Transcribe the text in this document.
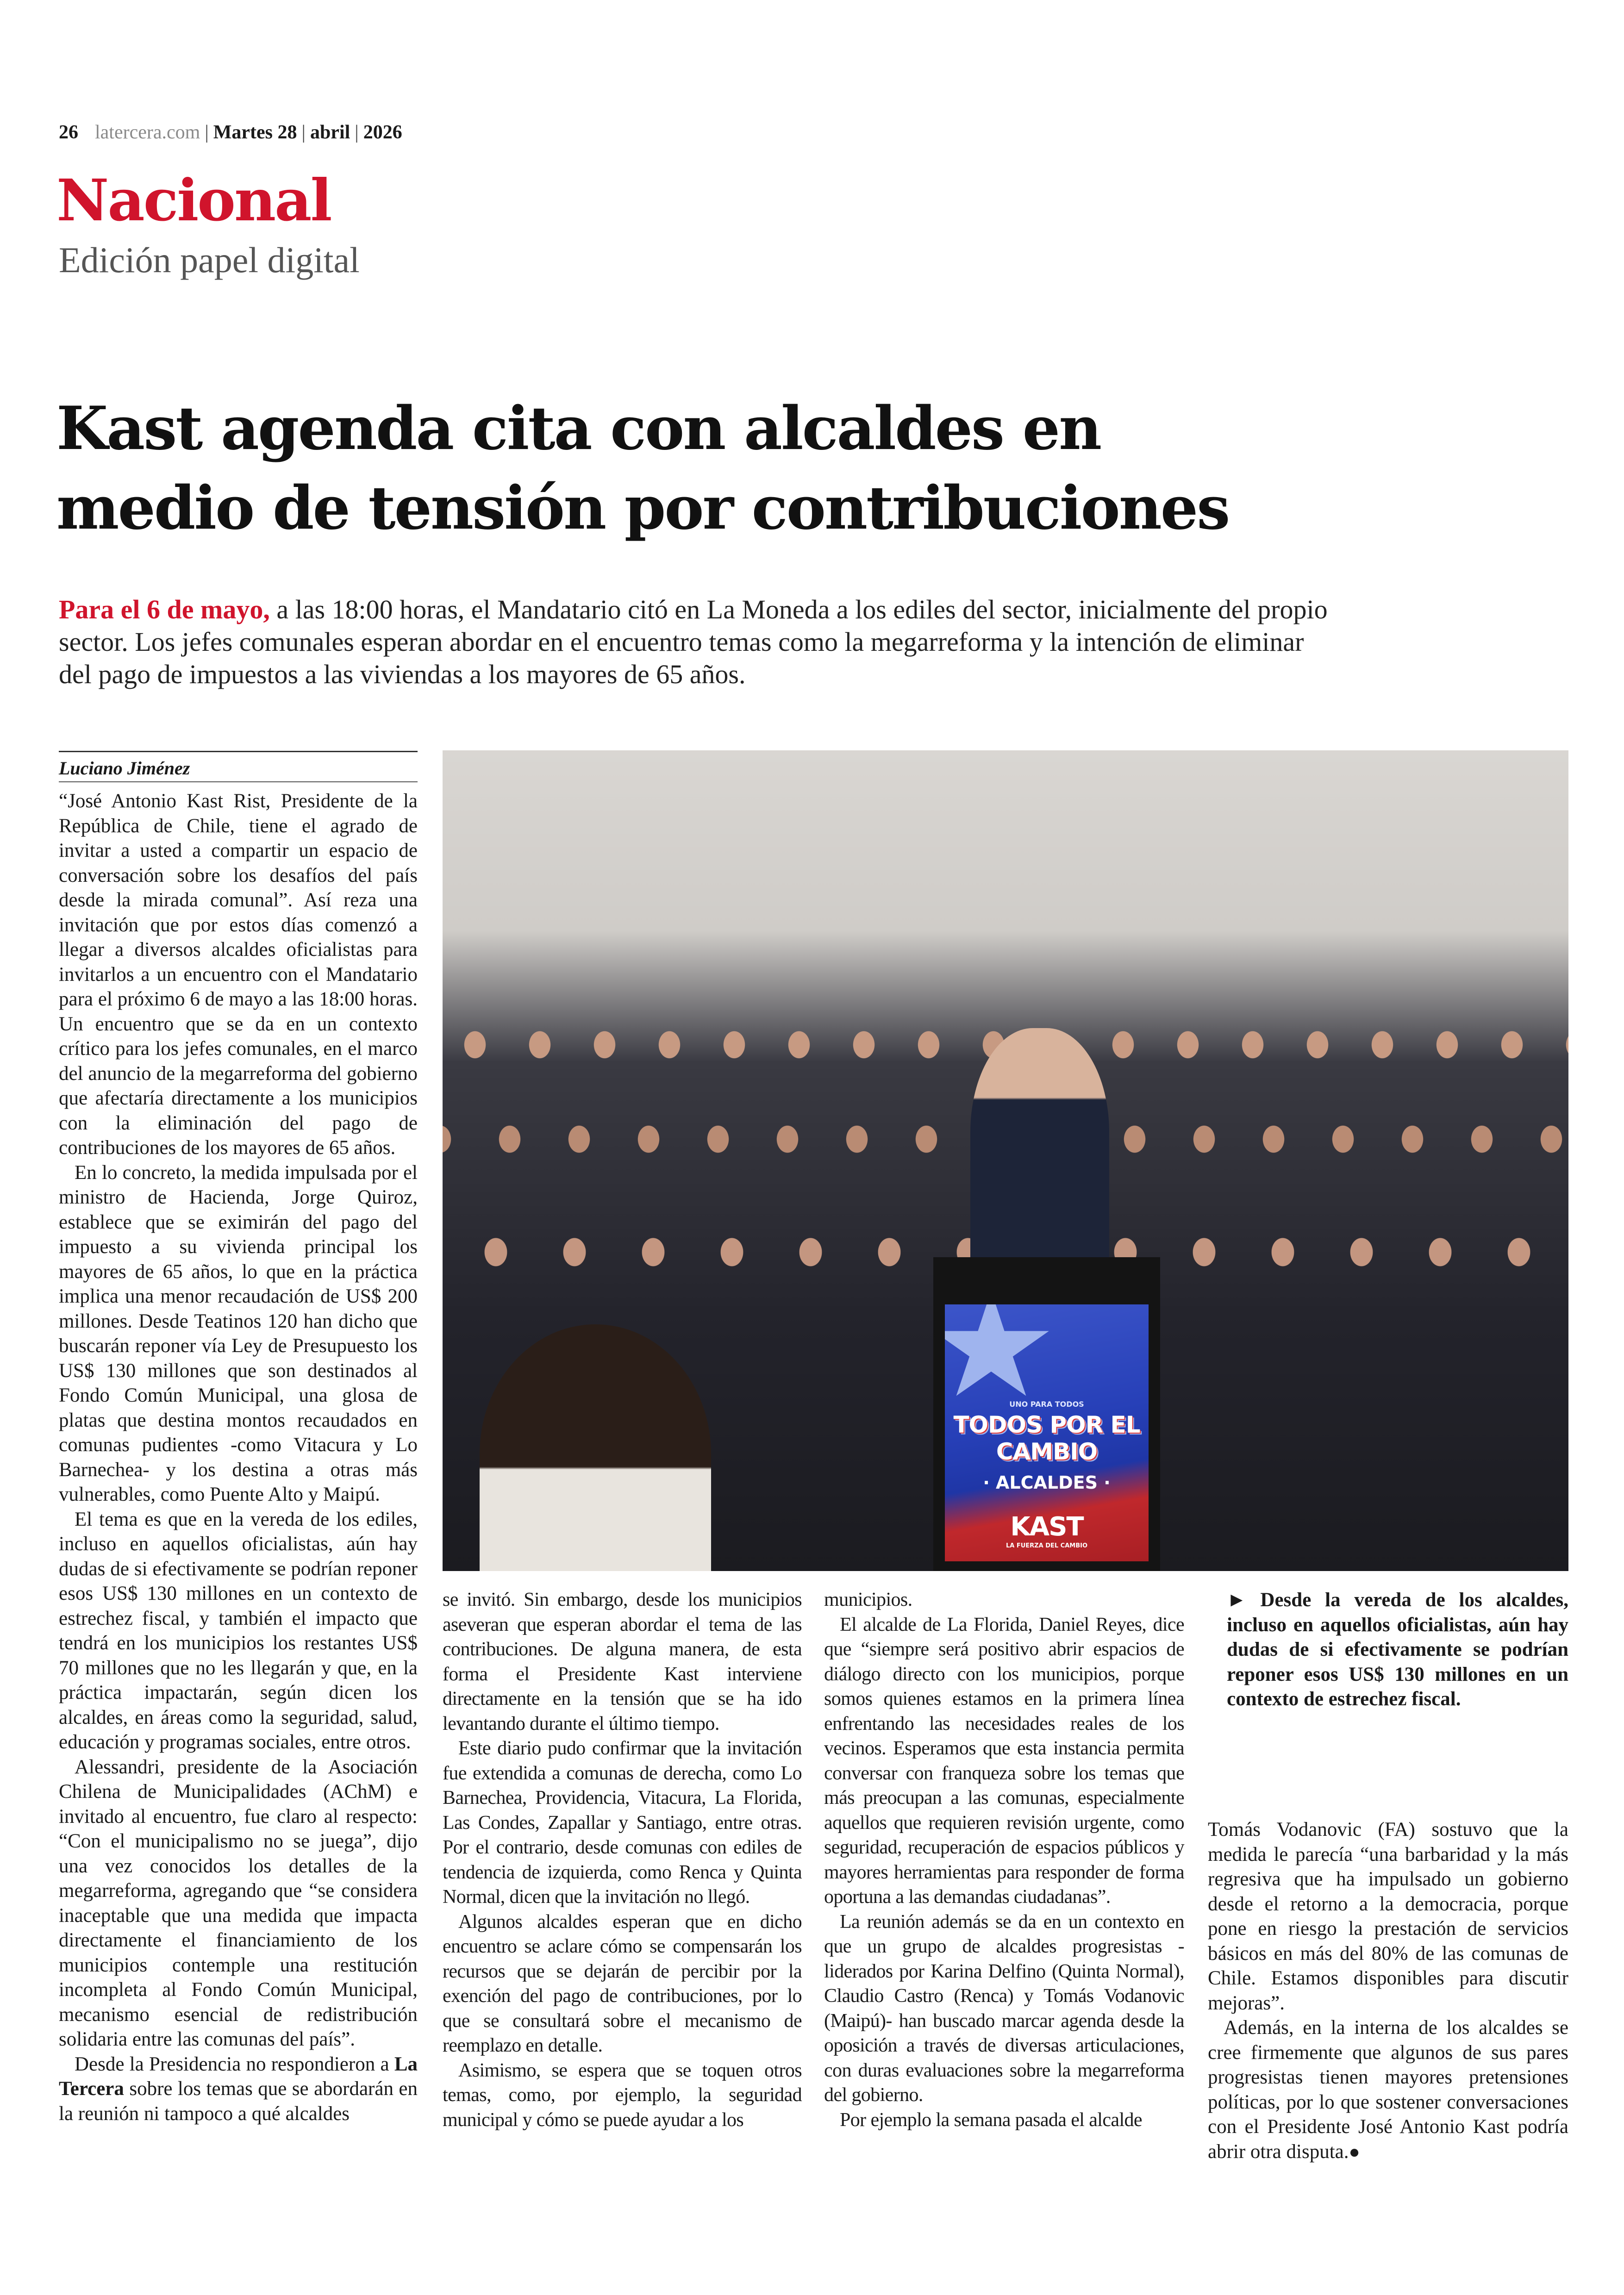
26 latercera.com | Martes 28 | abril | 2026
Nacional
Edición papel digital
Kast agenda cita con alcaldes en
medio de tensión por contribuciones
Para el 6 de mayo, a las 18:00 horas, el Mandatario citó en La Moneda a los ediles del sector, inicialmente del propio sector. Los jefes comunales esperan abordar en el encuentro temas como la megarreforma y la intención de eliminar del pago de impuestos a las viviendas a los mayores de 65 años.
Luciano Jiménez
UNO PARA TODOS
TODOS POR EL CAMBIO
· ALCALDES ·
KAST
LA FUERZA DEL CAMBIO

“José Antonio Kast Rist, Presidente de la República de Chile, tiene el agrado de invitar a usted a compartir un espacio de conversación sobre los desafíos del país desde la mirada comunal”. Así reza una invitación que por estos días comenzó a llegar a diversos alcaldes oficialistas para invitarlos a un encuentro con el Mandatario para el próximo 6 de mayo a las 18:00 horas. Un encuentro que se da en un contexto crítico para los jefes comunales, en el marco del anuncio de la megarreforma del gobierno que afectaría directamente a los municipios con la eliminación del pago de contribuciones de los mayores de 65 años.

En lo concreto, la medida impulsada por el ministro de Hacienda, Jorge Quiroz, establece que se eximirán del pago del impuesto a su vivienda principal los mayores de 65 años, lo que en la práctica implica una menor recaudación de US$ 200 millones. Desde Teatinos 120 han dicho que buscarán reponer vía Ley de Presupuesto los US$ 130 millones que son destinados al Fondo Común Municipal, una glosa de platas que destina montos recaudados en comunas pudientes -como Vitacura y Lo Barnechea- y los destina a otras más vulnerables, como Puente Alto y Maipú.

El tema es que en la vereda de los ediles, incluso en aquellos oficialistas, aún hay dudas de si efectivamente se podrían reponer esos US$ 130 millones en un contexto de estrechez fiscal, y también el impacto que tendrá en los municipios los restantes US$ 70 millones que no les llegarán y que, en la práctica impactarán, según dicen los alcaldes, en áreas como la seguridad, salud, educación y programas sociales, entre otros.

Alessandri, presidente de la Asociación Chilena de Municipalidades (AChM) e invitado al encuentro, fue claro al respecto: “Con el municipalismo no se juega”, dijo una vez conocidos los detalles de la megarreforma, agregando que “se considera inaceptable que una medida que impacta directamente el financiamiento de los municipios contemple una restitución incompleta al Fondo Común Municipal, mecanismo esencial de redistribución solidaria entre las comunas del país”.

Desde la Presidencia no respondieron a La Tercera sobre los temas que se abordarán en la reunión ni tampoco a qué alcaldes

se invitó. Sin embargo, desde los municipios aseveran que esperan abordar el tema de las contribuciones. De alguna manera, de esta forma el Presidente Kast interviene directamente en la tensión que se ha ido levantando durante el último tiempo.

Este diario pudo confirmar que la invitación fue extendida a comunas de derecha, como Lo Barnechea, Providencia, Vitacura, La Florida, Las Condes, Zapallar y Santiago, entre otras. Por el contrario, desde comunas con ediles de tendencia de izquierda, como Renca y Quinta Normal, dicen que la invitación no llegó.

Algunos alcaldes esperan que en dicho encuentro se aclare cómo se compensarán los recursos que se dejarán de percibir por la exención del pago de contribuciones, por lo que se consultará sobre el mecanismo de reemplazo en detalle.

Asimismo, se espera que se toquen otros temas, como, por ejemplo, la seguridad municipal y cómo se puede ayudar a los

municipios.

El alcalde de La Florida, Daniel Reyes, dice que “siempre será positivo abrir espacios de diálogo directo con los municipios, porque somos quienes estamos en la primera línea enfrentando las necesidades reales de los vecinos. Esperamos que esta instancia permita conversar con franqueza sobre los temas que más preocupan a las comunas, especialmente aquellos que requieren revisión urgente, como seguridad, recuperación de espacios públicos y mayores herramientas para responder de forma oportuna a las demandas ciudadanas”.

La reunión además se da en un contexto en que un grupo de alcaldes progresistas -liderados por Karina Delfino (Quinta Normal), Claudio Castro (Renca) y Tomás Vodanovic (Maipú)- han buscado marcar agenda desde la oposición a través de diversas articulaciones, con duras evaluaciones sobre la megarreforma del gobierno.

Por ejemplo la semana pasada el alcalde

► Desde la vereda de los alcaldes, incluso en aquellos oficialistas, aún hay dudas de si efectivamente se podrían reponer esos US$ 130 millones en un contexto de estrechez fiscal.

Tomás Vodanovic (FA) sostuvo que la medida le parecía “una barbaridad y la más regresiva que ha impulsado un gobierno desde el retorno a la democracia, porque pone en riesgo la prestación de servicios básicos en más del 80% de las comunas de Chile. Estamos disponibles para discutir mejoras”.

Además, en la interna de los alcaldes se cree firmemente que algunos de sus pares progresistas tienen mayores pretensiones políticas, por lo que sostener conversaciones con el Presidente José Antonio Kast podría abrir otra disputa.●
